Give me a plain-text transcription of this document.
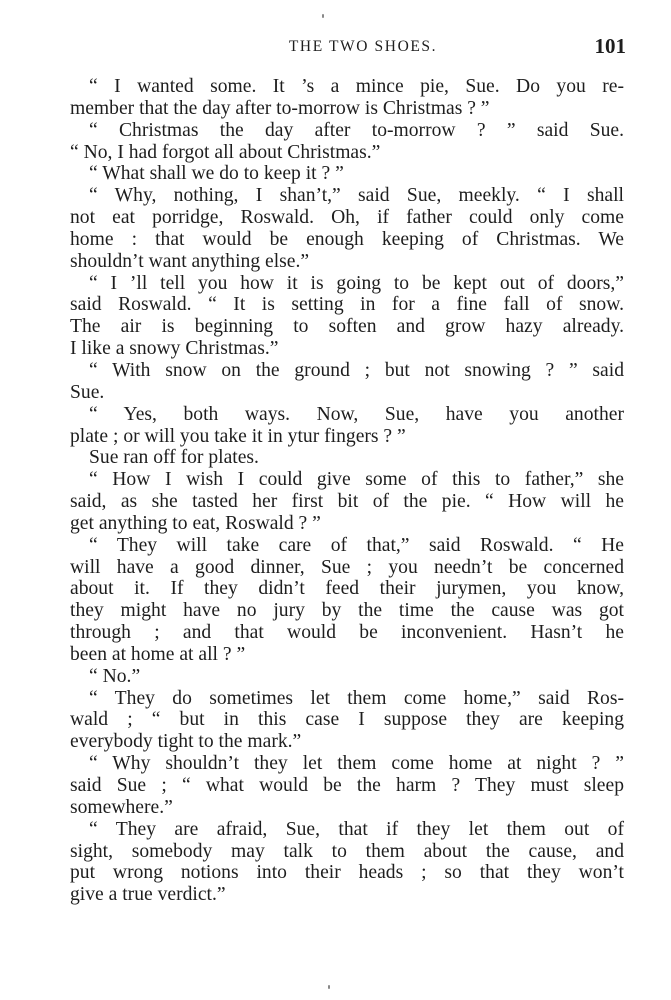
THE TWO SHOES.	101
“ I wanted some. It ’s a mince pie, Sue. Do you re-
member that the day after to-morrow is Christmas ? ”
“ Christmas the day after to-morrow ? ” said Sue.
“ No, I had forgot all about Christmas.”
“ What shall we do to keep it ? ”
“ Why, nothing, I shan’t,” said Sue, meekly. “ I shall
not eat porridge, Roswald. Oh, if father could only come
home : that would be enough keeping of Christmas. We
shouldn’t want anything else.”
“ I ’ll tell you how it is going to be kept out of doors,”
said Roswald. “ It is setting in for a fine fall of snow.
The air is beginning to soften and grow hazy already.
I like a snowy Christmas.”
“ With snow on the ground ; but not snowing ? ” said
Sue.
“ Yes, both ways. Now, Sue, have you another
plate ; or will you take it in ytur fingers ? ”
Sue ran off for plates.
“ How I wish I could give some of this to father,” she
said, as she tasted her first bit of the pie. “ How will he
get anything to eat, Roswald ? ”
“ They will take care of that,” said Roswald. “ He
will have a good dinner, Sue ; you needn’t be concerned
about it. If they didn’t feed their jurymen, you know,
they might have no jury by the time the cause was got
through ; and that would be inconvenient. Hasn’t he
been at home at all ? ”
“ No.”
“ They do sometimes let them come home,” said Ros-
wald ; “ but in this case I suppose they are keeping
everybody tight to the mark.”
“ Why shouldn’t they let them come home at night ? ”
said Sue ; “ what would be the harm ? They must sleep
somewhere.”
“ They are afraid, Sue, that if they let them out of
sight, somebody may talk to them about the cause, and
put wrong notions into their heads ; so that they won’t
give a true verdict.”
